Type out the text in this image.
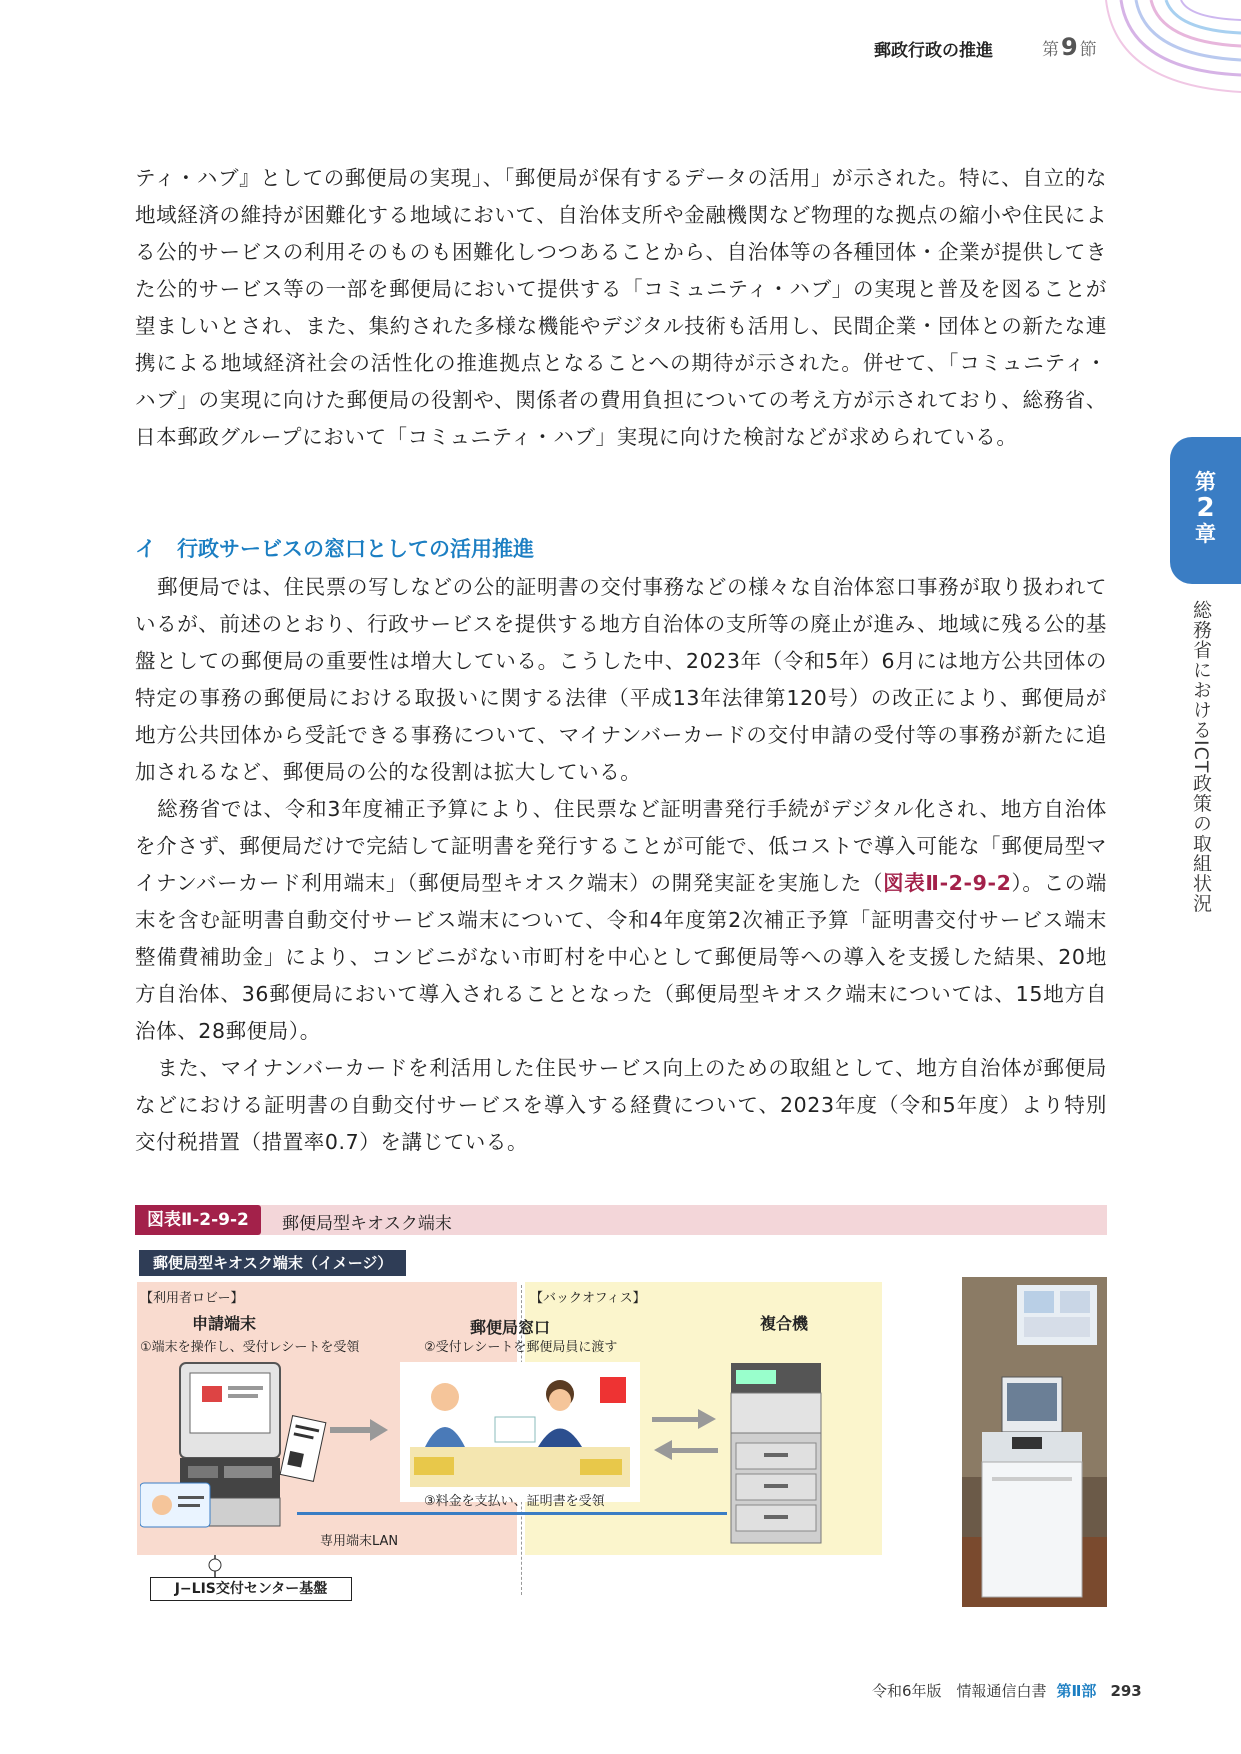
郵政行政の推進	第9 節

ティ・ハブ』としての郵便局の実現」、「郵便局が保有するデータの活用」が示された。特に、自立的な地域経済の維持が困難化する地域において、自治体支所や金融機関など物理的な拠点の縮小や住民による公的サービスの利用そのものも困難化しつつあることから、自治体等の各種団体・企業が提供してきた公的サービス等の一部を郵便局において提供する「コミュニティ・ハブ」の実現と普及を図ることが望ましいとされ、また、集約された多様な機能やデジタル技術も活用し、民間企業・団体との新たな連携による地域経済社会の活性化の推進拠点となることへの期待が示された。併せて、「コミュニティ・ハブ」の実現に向けた郵便局の役割や、関係者の費用負担についての考え方が示されており、総務省、日本郵政グループにおいて「コミュニティ・ハブ」実現に向けた検討などが求められている。

イ　行政サービスの窓口としての活用推進

郵便局では、住民票の写しなどの公的証明書の交付事務などの様々な自治体窓口事務が取り扱われているが、前述のとおり、行政サービスを提供する地方自治体の支所等の廃止が進み、地域に残る公的基盤としての郵便局の重要性は増大している。こうした中、2023年（令和5年）6月には地方公共団体の特定の事務の郵便局における取扱いに関する法律（平成13年法律第120号）の改正により、郵便局が地方公共団体から受託できる事務について、マイナンバーカードの交付申請の受付等の事務が新たに追加されるなど、郵便局の公的な役割は拡大している。

総務省では、令和3年度補正予算により、住民票など証明書発行手続がデジタル化され、地方自治体を介さず、郵便局だけで完結して証明書を発行することが可能で、低コストで導入可能な「郵便局型マイナンバーカード利用端末」（郵便局型キオスク端末）の開発実証を実施した（図表Ⅱ-2-9-2）。この端末を含む証明書自動交付サービス端末について、令和4年度第2次補正予算「証明書交付サービス端末整備費補助金」により、コンビニがない市町村を中心として郵便局等への導入を支援した結果、20地方自治体、36郵便局において導入されることとなった（郵便局型キオスク端末については、15地方自治体、28郵便局）。

また、マイナンバーカードを利活用した住民サービス向上のための取組として、地方自治体が郵便局などにおける証明書の自動交付サービスを導入する経費について、2023年度（令和5年度）より特別交付税措置（措置率0.7）を講じている。

第
2
章
総務省におけるICT政策の取組状況
図表Ⅱ-2-9-2	郵便局型キオスク端末
郵便局型キオスク端末（イメージ）
【利用者ロビー】	【バックオフィス】
申請端末	郵便局窓口	複合機
①端末を操作し、受付レシートを受領	②受付レシートを郵便局員に渡す
③料金を支払い、証明書を受領
専用端末LAN
J−LIS交付センター基盤
令和6年版　情報通信白書 第Ⅱ部 293
